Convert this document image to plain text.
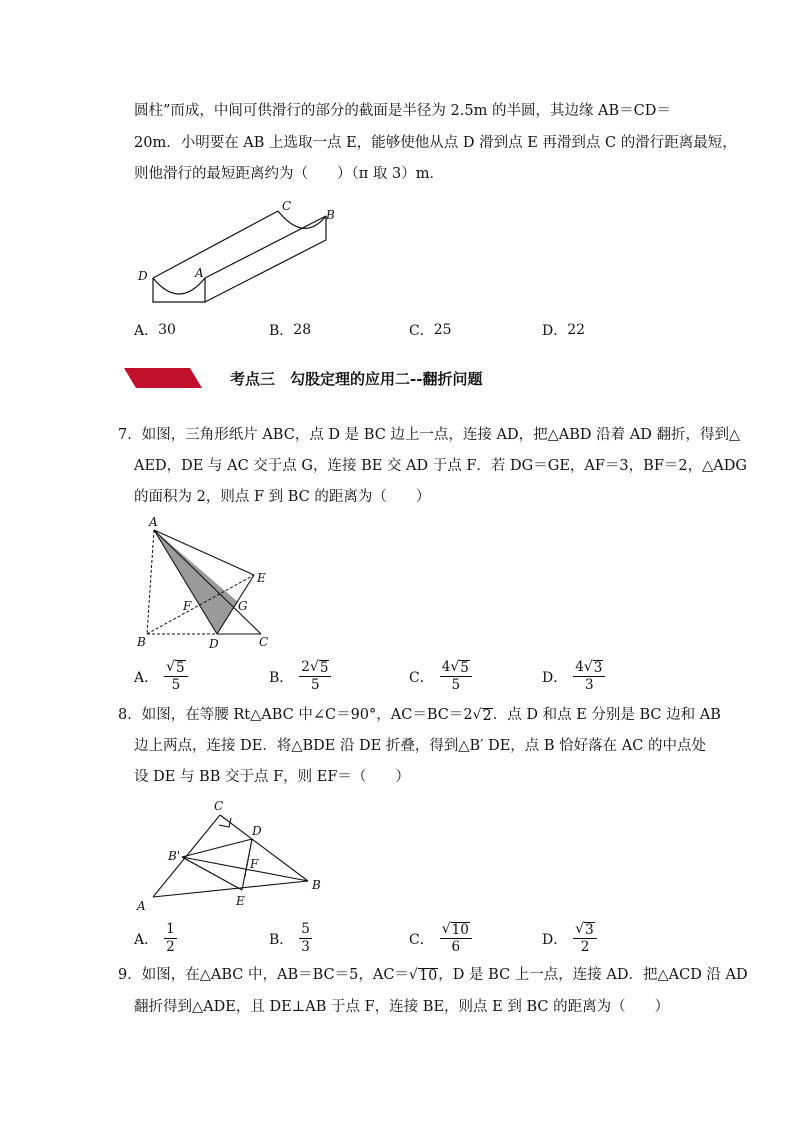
圆柱”而成，中间可供滑行的部分的截面是半径为 2.5m 的半圆，其边缘 AB＝CD＝
20m．小明要在 AB 上选取一点 E，能够使他从点 D 滑到点 E 再滑到点 C 的滑行距离最短，
则他滑行的最短距离约为（　　）（π 取 3）m．
D	A
C
B
A． 30	B． 28	C． 25	D． 22
考点三　勾股定理的应用二--翻折问题
7．如图，三角形纸片 ABC，点 D 是 BC 边上一点，连接 AD，把△ABD 沿着 AD 翻折，得到△
AED，DE 与 AC 交于点 G，连接 BE 交 AD 于点 F．若 DG＝GE，AF＝3，BF＝2，△ADG
的面积为 2，则点 F 到 BC 的距离为（　　）
A
E
F	G
B	D	C
A． $\frac{√ 5}{5}$	B． $\frac{2 √ 5}{5}$	C． $\frac{4 √ 5}{5}$	D． $\frac{4 √ 3}{3}$
8．如图，在等腰 Rt△ABC 中∠C＝90°，AC＝BC＝2 √ 2 ．点 D 和点 E 分别是 BC 边和 AB
边上两点，连接 DE．将△BDE 沿 DE 折叠，得到△B′ DE，点 B 恰好落在 AC 的中点处
设 DE 与 BB 交于点 F，则 EF＝（　　）
C
D
B'
F
B
A	E
A． $\frac{1}{2}$	B． $\frac{5}{3}$	C． $\frac{√ 10}{6}$	D． $\frac{√ 3}{2}$
9．如图，在△ABC 中，AB＝BC＝5，AC＝ √ 10 ，D 是 BC 上一点，连接 AD．把△ACD 沿 AD
翻折得到△ADE，且 DE⊥AB 于点 F，连接 BE，则点 E 到 BC 的距离为（　　）
